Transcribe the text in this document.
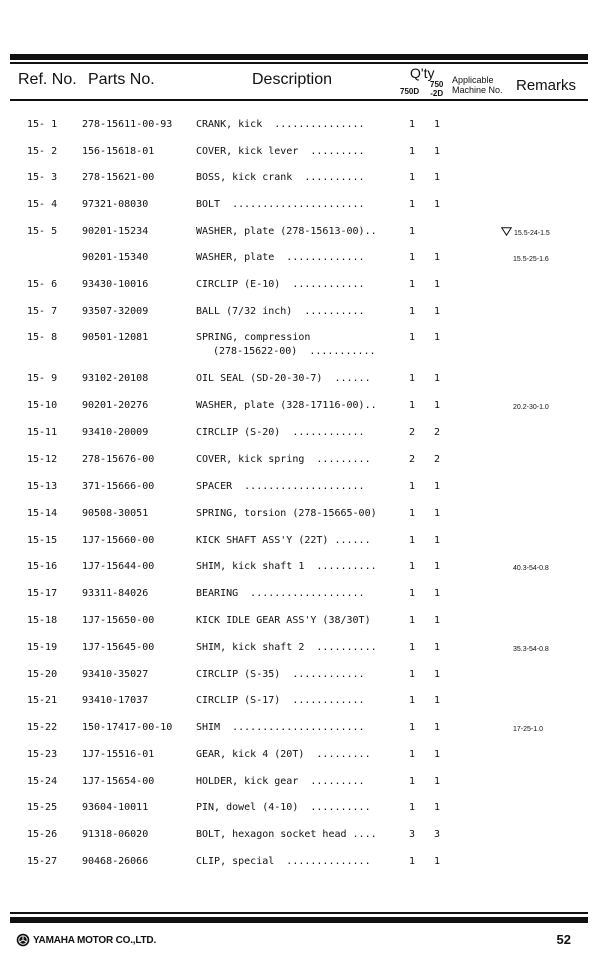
Ref. No. Parts No.	Description	Q'ty
750D
750
-2D
Applicable
Machine No. Remarks
15- 1 278-15611-00-93 CRANK, kick  ...............	1 1
15- 2 156-15618-01	COVER, kick lever  .........	1 1
15- 3 278-15621-00	BOSS, kick crank  ..........	1 1
15- 4 97321-08030	BOLT  ......................	1 1
15- 5 90201-15234	WASHER, plate (278-15613-00)..	1	15.5-24-1.5
90201-15340	WASHER, plate  .............	1 1	15.5-25-1.6
15- 6 93430-10016	CIRCLIP (E-10)  ............	1 1
15- 7 93507-32009	BALL (7/32 inch)  ..........	1 1
15- 8 90501-12081	SPRING, compression	1 1
(278-15622-00)  ...........
15- 9 93102-20108	OIL SEAL (SD-20-30-7)  ......	1 1
15-10 90201-20276	WASHER, plate (328-17116-00)..	1 1	20.2-30-1.0
15-11 93410-20009	CIRCLIP (S-20)  ............	2 2
15-12 278-15676-00	COVER, kick spring  .........	2 2
15-13 371-15666-00	SPACER  ....................	1 1
15-14 90508-30051	SPRING, torsion (278-15665-00)	1 1
15-15 1J7-15660-00	KICK SHAFT ASS'Y (22T) ......	1 1
15-16 1J7-15644-00	SHIM, kick shaft 1  ..........	1 1	40.3-54-0.8
15-17 93311-84026	BEARING  ...................	1 1
15-18 1J7-15650-00	KICK IDLE GEAR ASS'Y (38/30T)	1 1
15-19 1J7-15645-00	SHIM, kick shaft 2  ..........	1 1	35.3-54-0.8
15-20 93410-35027	CIRCLIP (S-35)  ............	1 1
15-21 93410-17037	CIRCLIP (S-17)  ............	1 1
15-22 150-17417-00-10 SHIM  ......................	1 1	17-25-1.0
15-23 1J7-15516-01	GEAR, kick 4 (20T)  .........	1 1
15-24 1J7-15654-00	HOLDER, kick gear  .........	1 1
15-25 93604-10011	PIN, dowel (4-10)  ..........	1 1
15-26 91318-06020	BOLT, hexagon socket head ....	3 3
15-27 90468-26066	CLIP, special  ..............	1 1
YAMAHA MOTOR CO.,LTD.	52
